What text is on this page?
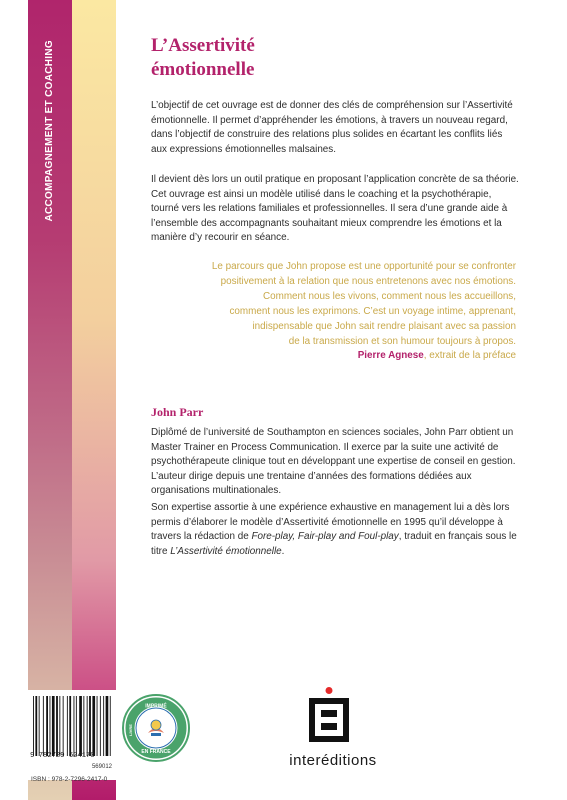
ACCOMPAGNEMENT ET COACHING	L’Assertivité
émotionnelle

L’objectif de cet ouvrage est de donner des clés de compréhension sur l’Assertivité émotionnelle. Il permet d’appréhender les émotions, à travers un nouveau regard, dans l’objectif de construire des relations plus solides en écartant les conflits liés aux expressions émotionnelles malsaines.

Il devient dès lors un outil pratique en proposant l’application concrète de sa théorie. Cet ouvrage est ainsi un modèle utilisé dans le coaching et la psychothérapie, tourné vers les relations familiales et professionnelles. Il sera d’une grande aide à l’ensemble des accompagnants souhaitant mieux comprendre les émotions et la manière d’y recourir en séance.

Le parcours que John propose est une opportunité pour se confronter

positivement à la relation que nous entretenons avec nos émotions.

Comment nous les vivons, comment nous les accueillons,

comment nous les exprimons. C’est un voyage intime, apprenant,

indispensable que John sait rendre plaisant avec sa passion

de la transmission et son humour toujours à propos.

Pierre Agnese, extrait de la préface
John Parr

Diplômé de l’université de Southampton en sciences sociales, John Parr obtient un Master Trainer en Process Communication. Il exerce par la suite une activité de psychothérapeute clinique tout en développant une expertise de conseil en gestion. L’auteur dirige depuis une trentaine d’années des formations dédiées aux organisations multinationales.

Son expertise assortie à une expérience exhaustive en management lui a dès lors permis d’élaborer le modèle d’Assertivité émotionnelle en 1995 qu’il développe à travers la rédaction de Fore-play, Fair-play and Foul-play, traduit en français sous le titre L’Assertivité émotionnelle.

9 782729 624170
569012
ISBN : 978-2-7296-2417-0
IMPRIMÉ
EN FRANCE
LIVRE
interéditions
